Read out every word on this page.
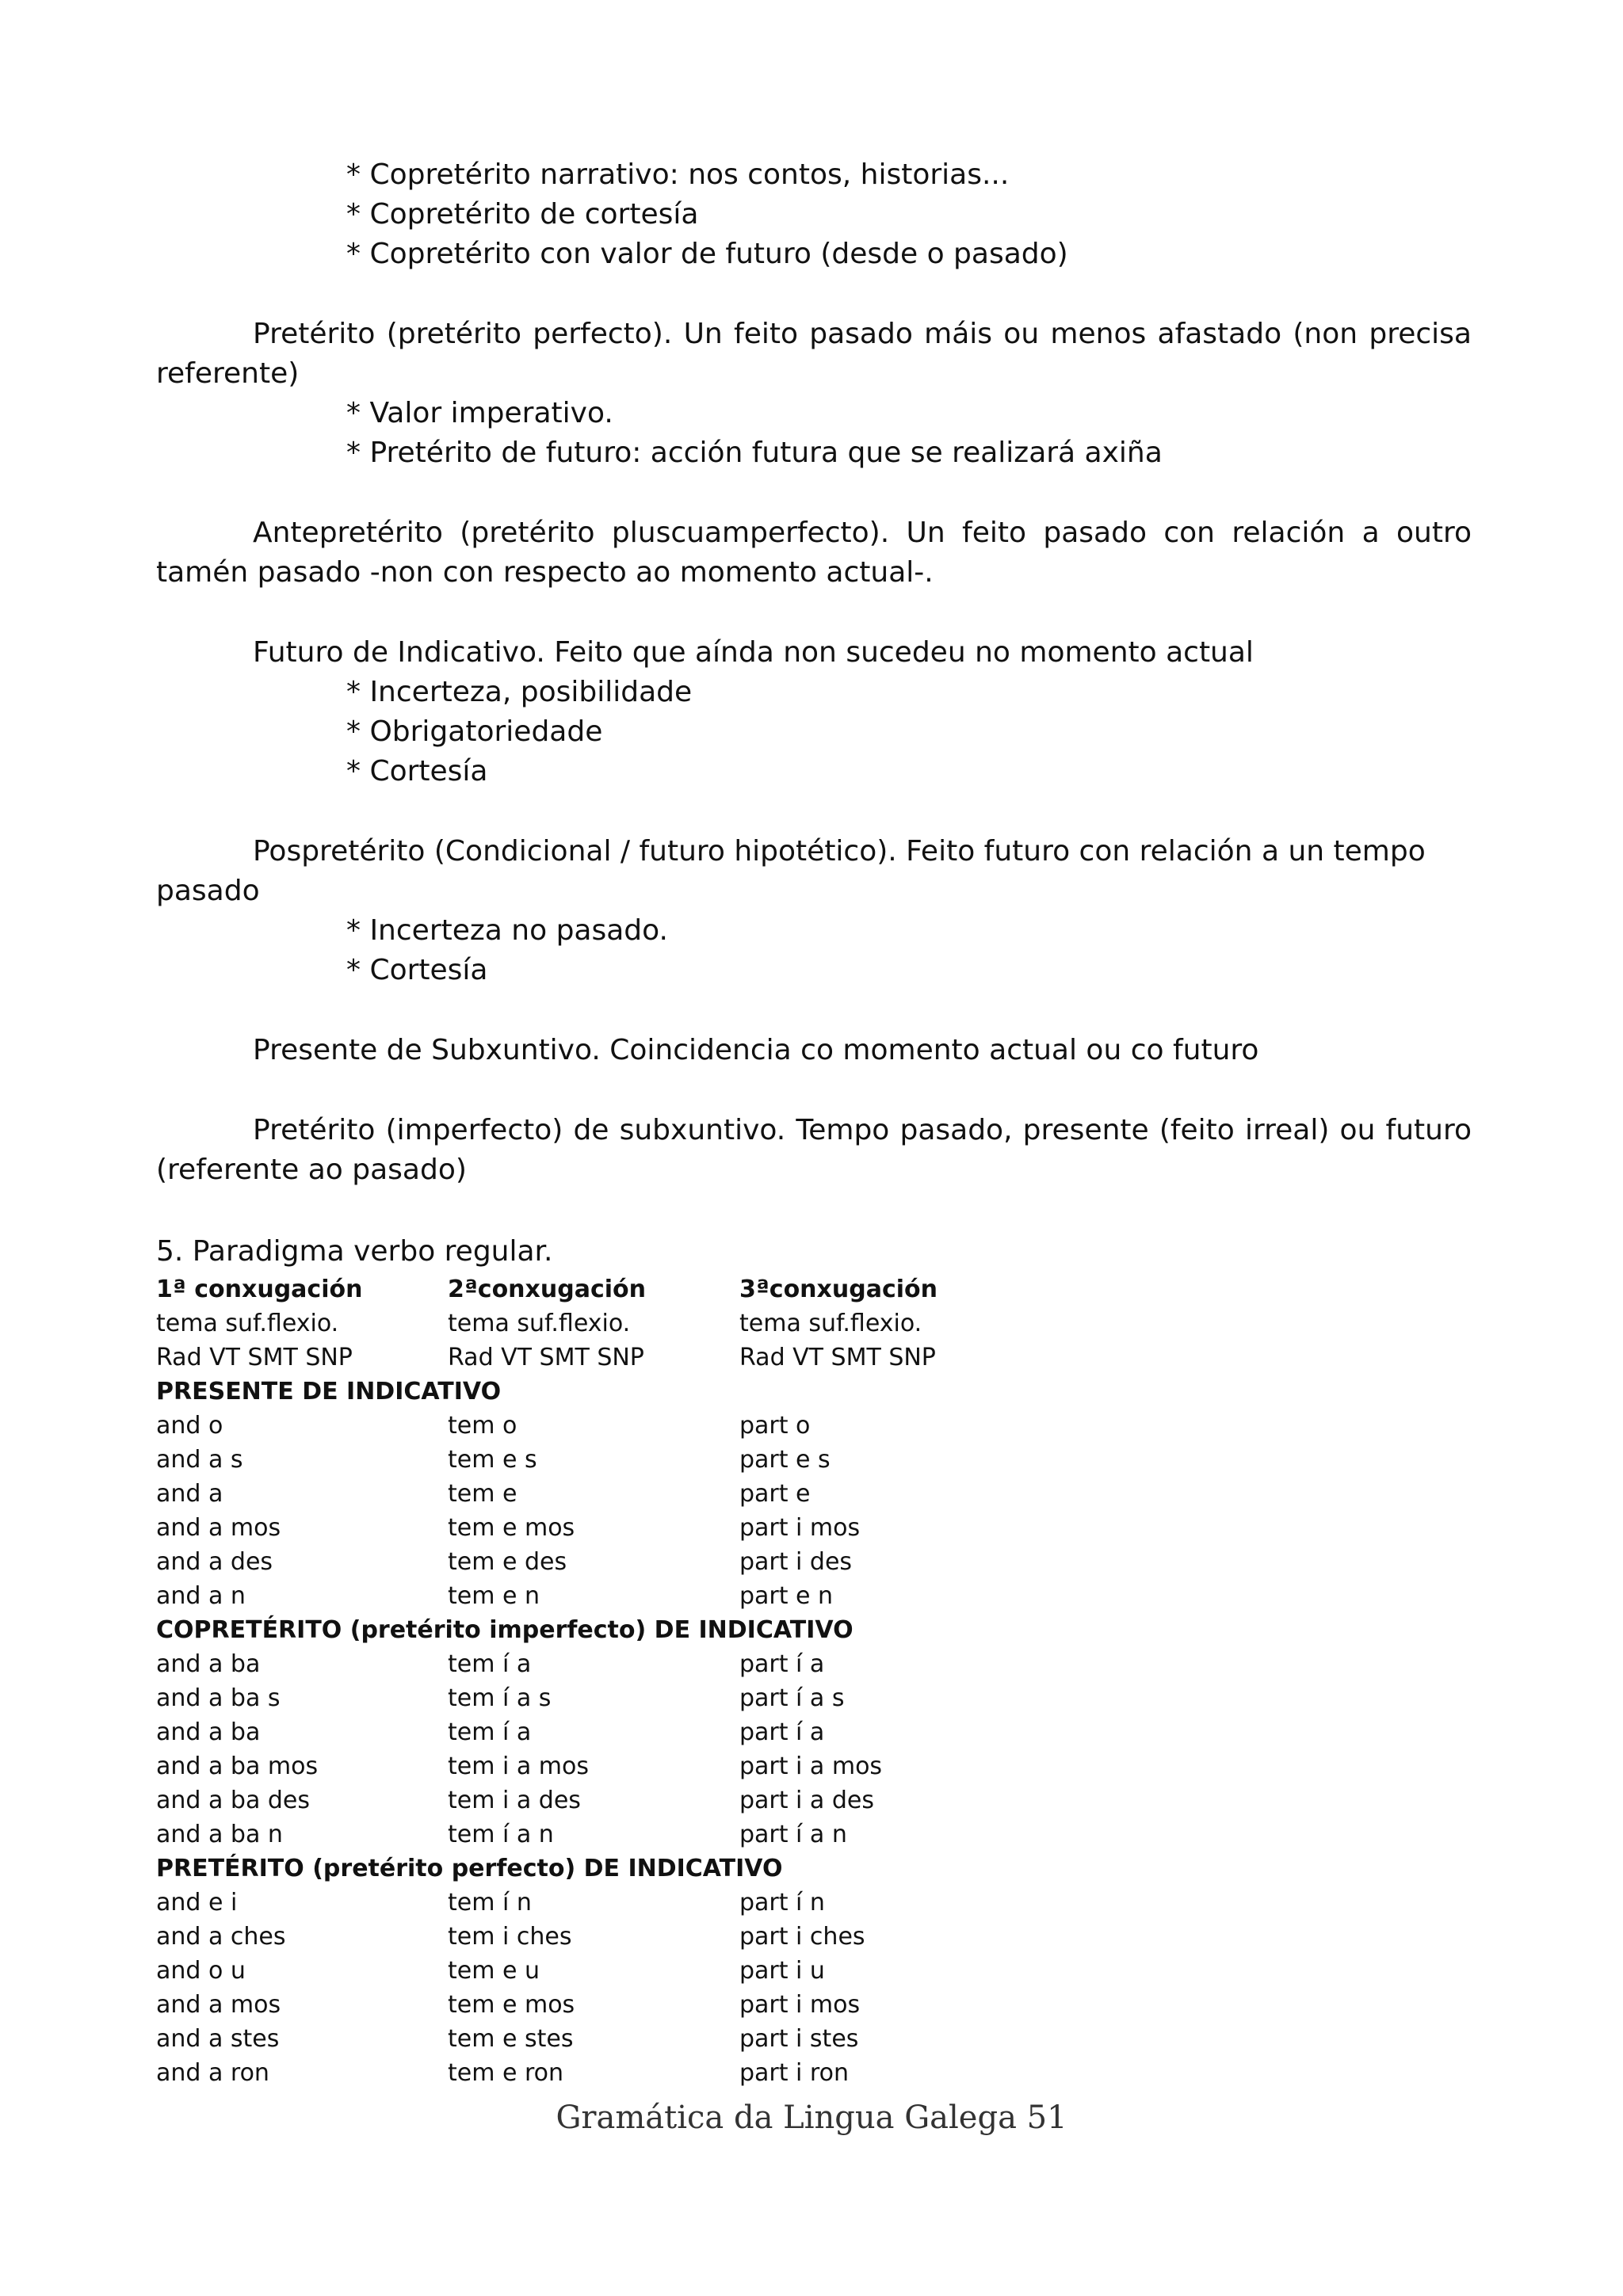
* Copretérito narrativo: nos contos, historias...
* Copretérito de cortesía
* Copretérito con valor de futuro (desde o pasado)
Pretérito (pretérito perfecto). Un feito pasado máis ou menos afastado (non precisa referente)
* Valor imperativo.
* Pretérito de futuro: acción futura que se realizará axiña
Antepretérito (pretérito pluscuamperfecto). Un feito pasado con relación a outro tamén pasado -non con respecto ao momento actual-.
Futuro de Indicativo. Feito que aínda non sucedeu no momento actual
* Incerteza, posibilidade
* Obrigatoriedade
* Cortesía
Pospretérito (Condicional / futuro hipotético). Feito futuro con relación a un tempo pasado
* Incerteza no pasado.
* Cortesía
Presente de Subxuntivo. Coincidencia co momento actual ou co futuro
Pretérito (imperfecto) de subxuntivo. Tempo pasado, presente (feito irreal) ou futuro (referente ao pasado)
5. Paradigma verbo regular.
1ª conxugación	2ªconxugación	3ªconxugación
tema suf.flexio.	tema suf.flexio.	tema suf.flexio.
Rad VT SMT SNP	Rad VT SMT SNP	Rad VT SMT SNP
PRESENTE DE INDICATIVO		
and o	tem o	part o
and a s	tem e s	part e s
and a	tem e	part e
and a mos	tem e mos	part i mos
and a des	tem e des	part i des
and a n	tem e n	part e n
COPRETÉRITO (pretérito imperfecto) DE INDICATIVO		
and a ba	tem í a	part í a
and a ba s	tem í a s	part í a s
and a ba	tem í a	part í a
and a ba mos	tem i a mos	part i a mos
and a ba des	tem i a des	part i a des
and a ba n	tem í a n	part í a n
PRETÉRITO (pretérito perfecto) DE INDICATIVO		
and e i	tem í n	part í n
and a ches	tem i ches	part i ches
and o u	tem e u	part i u
and a mos	tem e mos	part i mos
and a stes	tem e stes	part i stes
and a ron	tem e ron	part i ron
Gramática da Lingua Galega 51
